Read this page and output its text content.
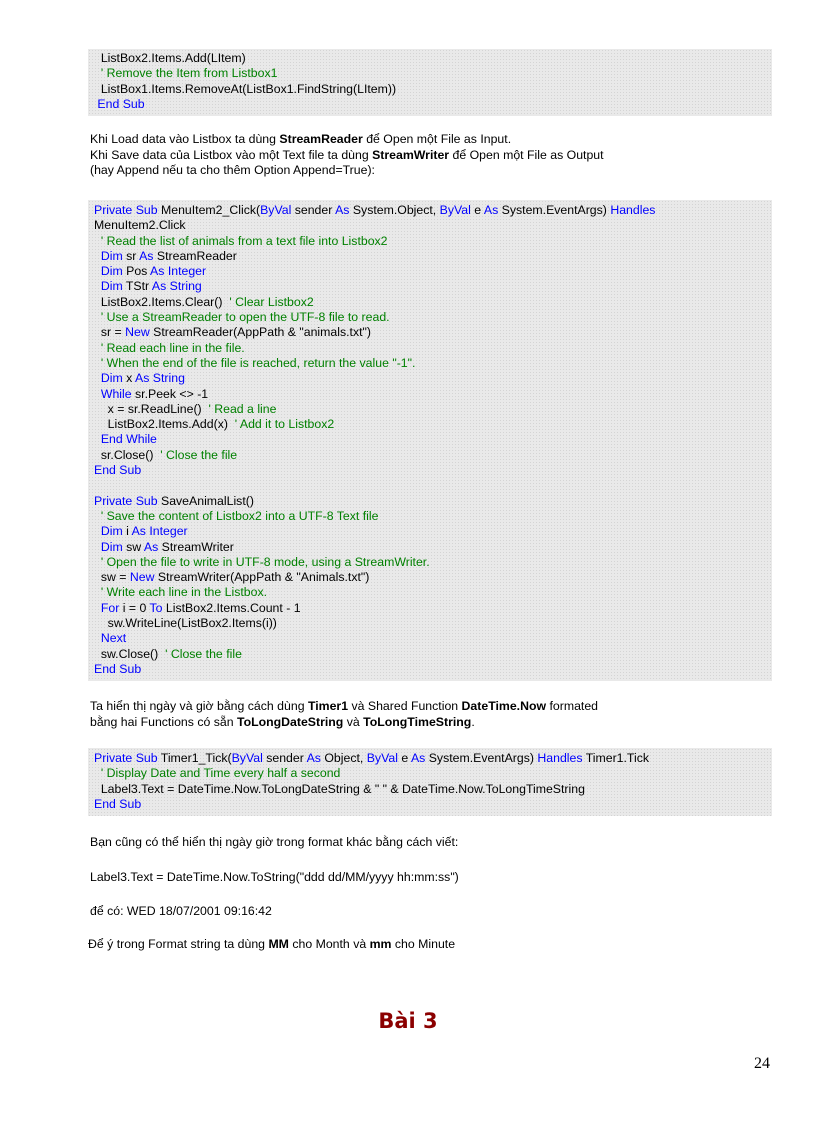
ListBox2.Items.Add(LItem)
' Remove the Item from Listbox1
ListBox1.Items.RemoveAt(ListBox1.FindString(LItem))
End Sub
Khi Load data vào Listbox ta dùng StreamReader để Open một File as Input.
Khi Save data của Listbox vào một Text file ta dùng StreamWriter để Open một File as Output
(hay Append nếu ta cho thêm Option Append=True):
Private Sub MenuItem2_Click(ByVal sender As System.Object, ByVal e As System.EventArgs) Handles
MenuItem2.Click
' Read the list of animals from a text file into Listbox2
Dim sr As StreamReader
Dim Pos As Integer
Dim TStr As String
ListBox2.Items.Clear()  ' Clear Listbox2
' Use a StreamReader to open the UTF-8 file to read.
sr = New StreamReader(AppPath & "animals.txt")
' Read each line in the file.
' When the end of the file is reached, return the value "-1".
Dim x As String
While sr.Peek <> -1
x = sr.ReadLine()  ' Read a line
ListBox2.Items.Add(x)  ' Add it to Listbox2
End While
sr.Close()  ' Close the file
End Sub
Private Sub SaveAnimalList()
' Save the content of Listbox2 into a UTF-8 Text file
Dim i As Integer
Dim sw As StreamWriter
' Open the file to write in UTF-8 mode, using a StreamWriter.
sw = New StreamWriter(AppPath & "Animals.txt")
' Write each line in the Listbox.
For i = 0 To ListBox2.Items.Count - 1
sw.WriteLine(ListBox2.Items(i))
Next
sw.Close()  ' Close the file
End Sub
Ta hiển thị ngày và giờ bằng cách dùng Timer1 và Shared Function DateTime.Now formated
bằng hai Functions có sẵn ToLongDateString và ToLongTimeString.
Private Sub Timer1_Tick(ByVal sender As Object, ByVal e As System.EventArgs) Handles Timer1.Tick
' Display Date and Time every half a second
Label3.Text = DateTime.Now.ToLongDateString & " " & DateTime.Now.ToLongTimeString
End Sub
Bạn cũng có thể hiển thị ngày giờ trong format khác bằng cách viết:
Label3.Text = DateTime.Now.ToString("ddd dd/MM/yyyy hh:mm:ss")
để có: WED 18/07/2001 09:16:42
Để ý trong Format string ta dùng MM cho Month và mm cho Minute
Bài 3
24
